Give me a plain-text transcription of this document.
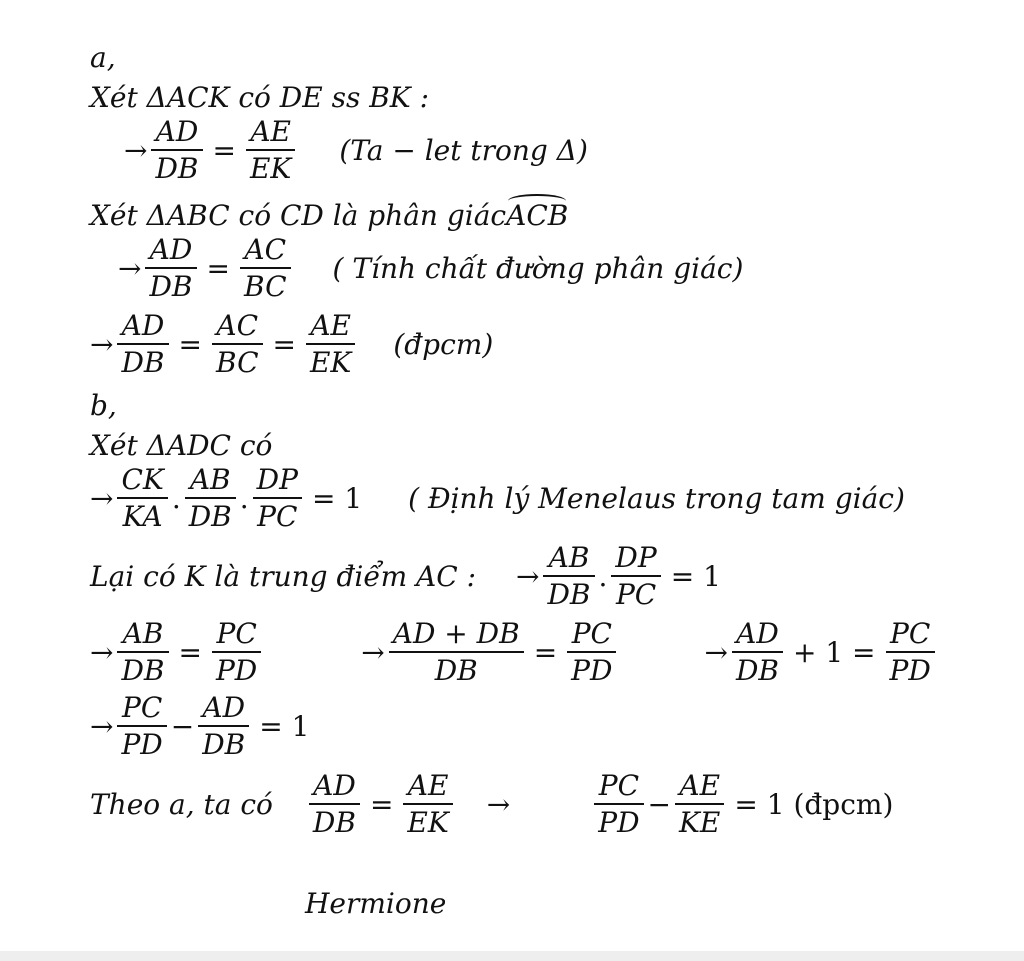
a,
Xét ΔACK có DE ss BK :
→ $\frac{AD}{DB} = \frac{AE}{EK} (Ta$ − let trong Δ)
Xét ΔABC có CD là phân giác ACB
→ $\frac{AD}{DB} = \frac{AC}{BC}$ ( Tính chất đường phân giác)
→ $\frac{AD}{DB} = \frac{AC}{BC} = \frac{AE}{EK}$ (đpcm)
b,
Xét ΔADC có
→ $\frac{CK}{KA}$ . $\frac{AB}{DB}$ . $\frac{DP}{PC} = 1$ ( Định lý Menelaus trong tam giác)
Lại có K là trung điểm AC : → $\frac{AB}{DB}$ . $\frac{DP}{PC} = 1$
→ $\frac{AB}{DB} = \frac{PC}{PD}$	→ $\frac{AD + DB}{DB} = \frac{PC}{PD}$	→ $\frac{AD}{DB} + 1 = \frac{PC}{PD}$
→ $\frac{PC}{PD} - \frac{AD}{DB} = 1$
Theo a, ta có $\frac{AD}{DB} = \frac{AE}{EK}$ →	$\frac{PC}{PD} - \frac{AE}{KE} = 1$ (đpcm)
Hermione
